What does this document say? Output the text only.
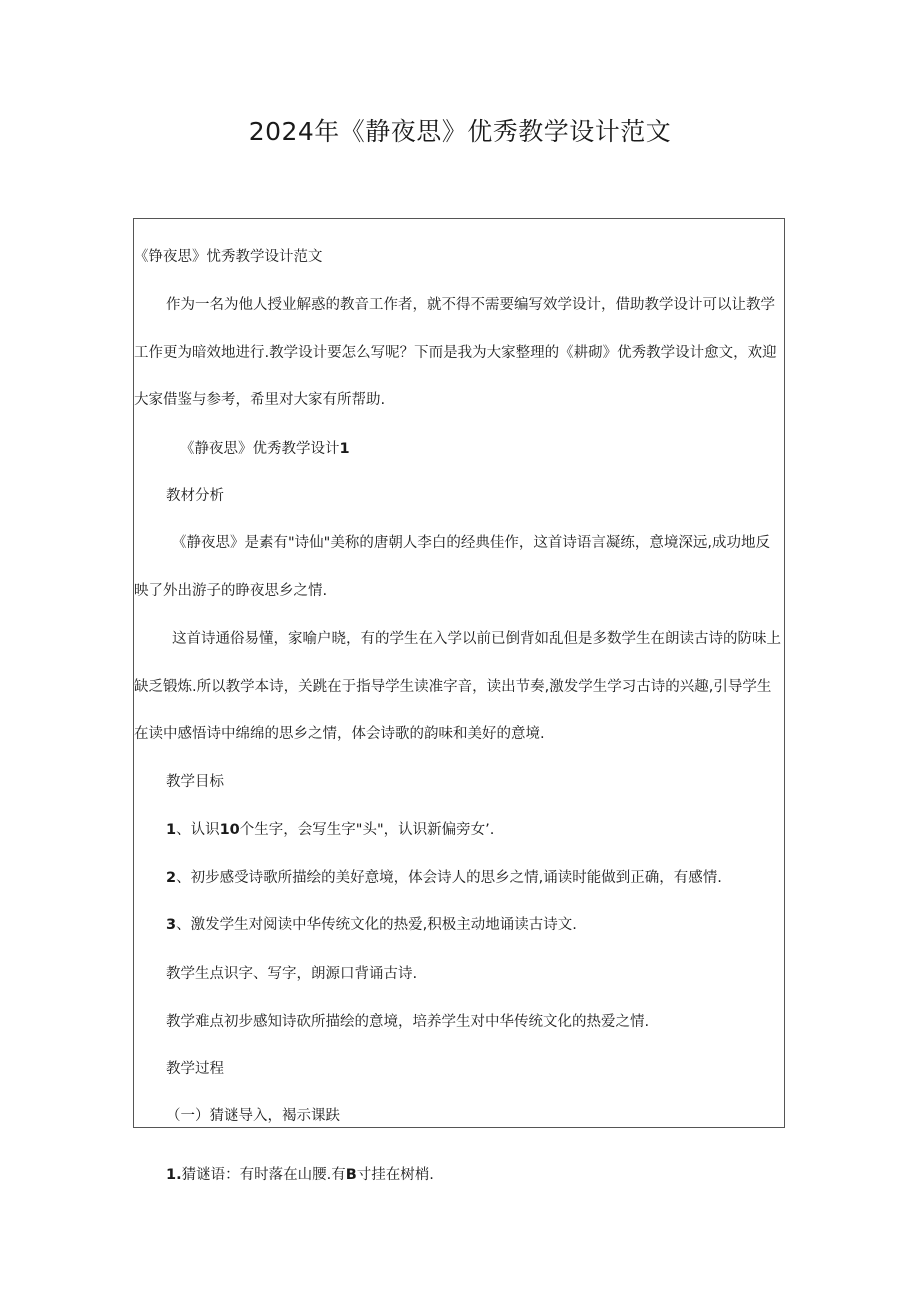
2024年《静夜思》优秀教学设计范文
《铮夜思》忧秀教学设计范文
作为一名为他人授业解惑的教音工作者，就不得不需要编写效学设计，借助教学设计可以让教学
工作更为暗效地进行.教学设计要怎么写呢？下而是我为大家整理的《耕砌》优秀教学设计愈文，欢迎
大家借鉴与参考，希里对大家有所帮助.
《静夜思》优秀教学设计1
教材分析
《静夜思》是素有"诗仙"美称的唐朝人李白的经典佳作，这首诗语言凝练，意境深远,成功地反
映了外出游子的睁夜思乡之情.
这首诗通俗易懂，家喻户晓，有的学生在入学以前已倒背如乱但是多数学生在朗读古诗的防味上
缺乏锻炼.所以教学本诗，关跳在于指导学生读准字音，读出节奏,激发学生学习古诗的兴趣,引导学生
在读中感悟诗中绵绵的思乡之情，体会诗歌的韵味和美好的意境.
教学目标
1、认识10个生字，会写生字"头"，认识新偏旁女’.
2、初步感受诗歌所描绘的美好意境，体会诗人的思乡之情,诵读时能做到正确，有感情.
3、激发学生对阅读中华传统文化的热爱,积极主动地诵读古诗文.
教学生点识字、写字，朗源口背诵古诗.
教学难点初步感知诗砍所描绘的意境，培养学生对中华传统文化的热爱之情.
教学过程
（一）猜谜导入，褐示课趺
1.猜谜语：有时落在山腰.有B寸挂在树梢.
